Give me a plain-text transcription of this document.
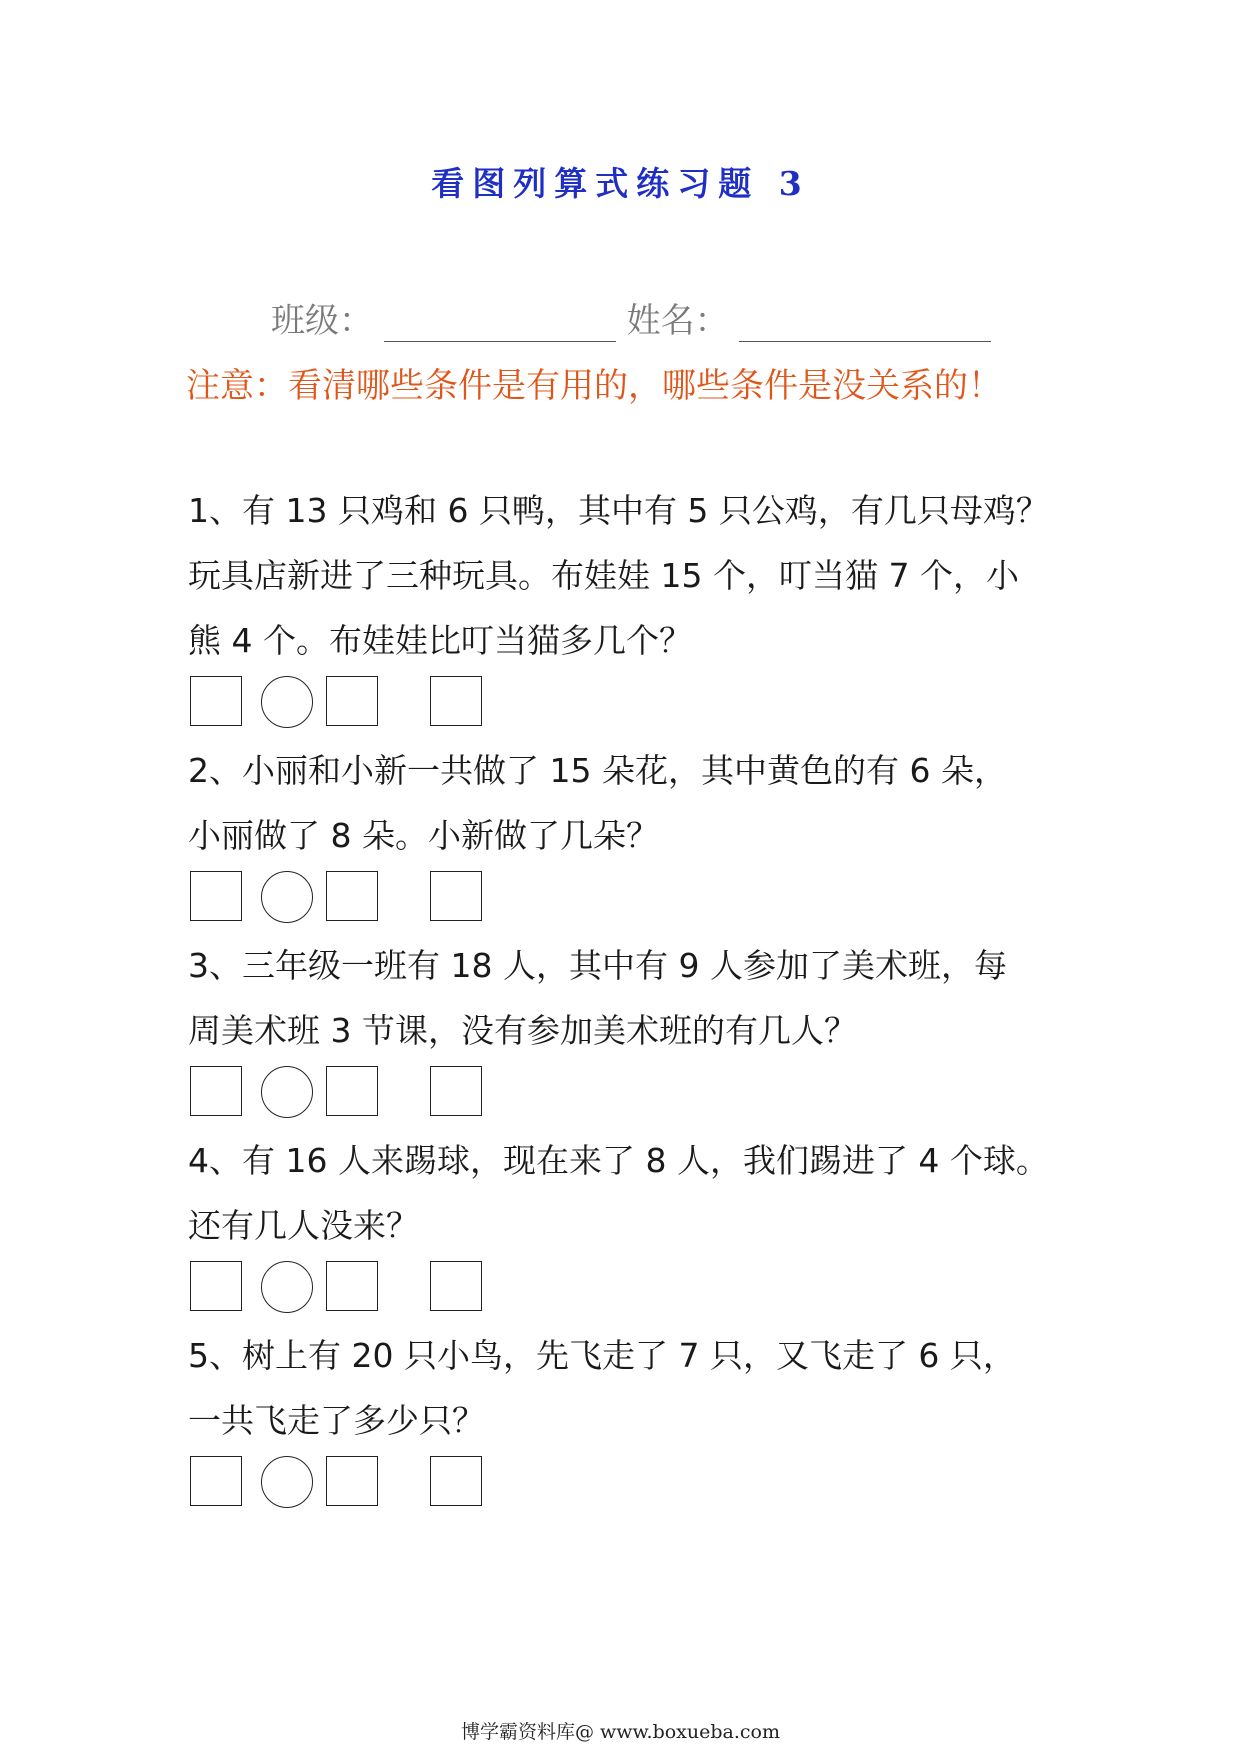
看图列算式练习题 3
班级：	姓名：
注意：看清哪些条件是有用的，哪些条件是没关系的！
1、有 13 只鸡和 6 只鸭，其中有 5 只公鸡，有几只母鸡？
玩具店新进了三种玩具。布娃娃 15 个，叮当猫 7 个，小
熊 4 个。布娃娃比叮当猫多几个？
2、小丽和小新一共做了 15 朵花，其中黄色的有 6 朵，
小丽做了 8 朵。小新做了几朵？
3、三年级一班有 18 人，其中有 9 人参加了美术班，每
周美术班 3 节课，没有参加美术班的有几人？
4、有 16 人来踢球，现在来了 8 人，我们踢进了 4 个球。
还有几人没来？
5、树上有 20 只小鸟，先飞走了 7 只，又飞走了 6 只，
一共飞走了多少只？
博学霸资料库@ www.boxueba.com
